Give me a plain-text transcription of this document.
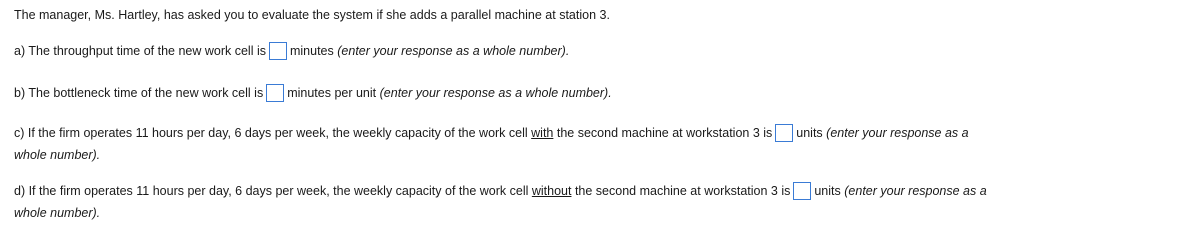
The manager, Ms. Hartley, has asked you to evaluate the system if she adds a parallel machine at station 3.
a) The throughput time of the new work cell is minutes (enter your response as a whole number).
b) The bottleneck time of the new work cell is minutes per unit (enter your response as a whole number).
c) If the firm operates 11 hours per day, 6 days per week, the weekly capacity of the work cell with the second machine at workstation 3 is units (enter your response as a
whole number).
d) If the firm operates 11 hours per day, 6 days per week, the weekly capacity of the work cell without the second machine at workstation 3 is units (enter your response as a
whole number).
